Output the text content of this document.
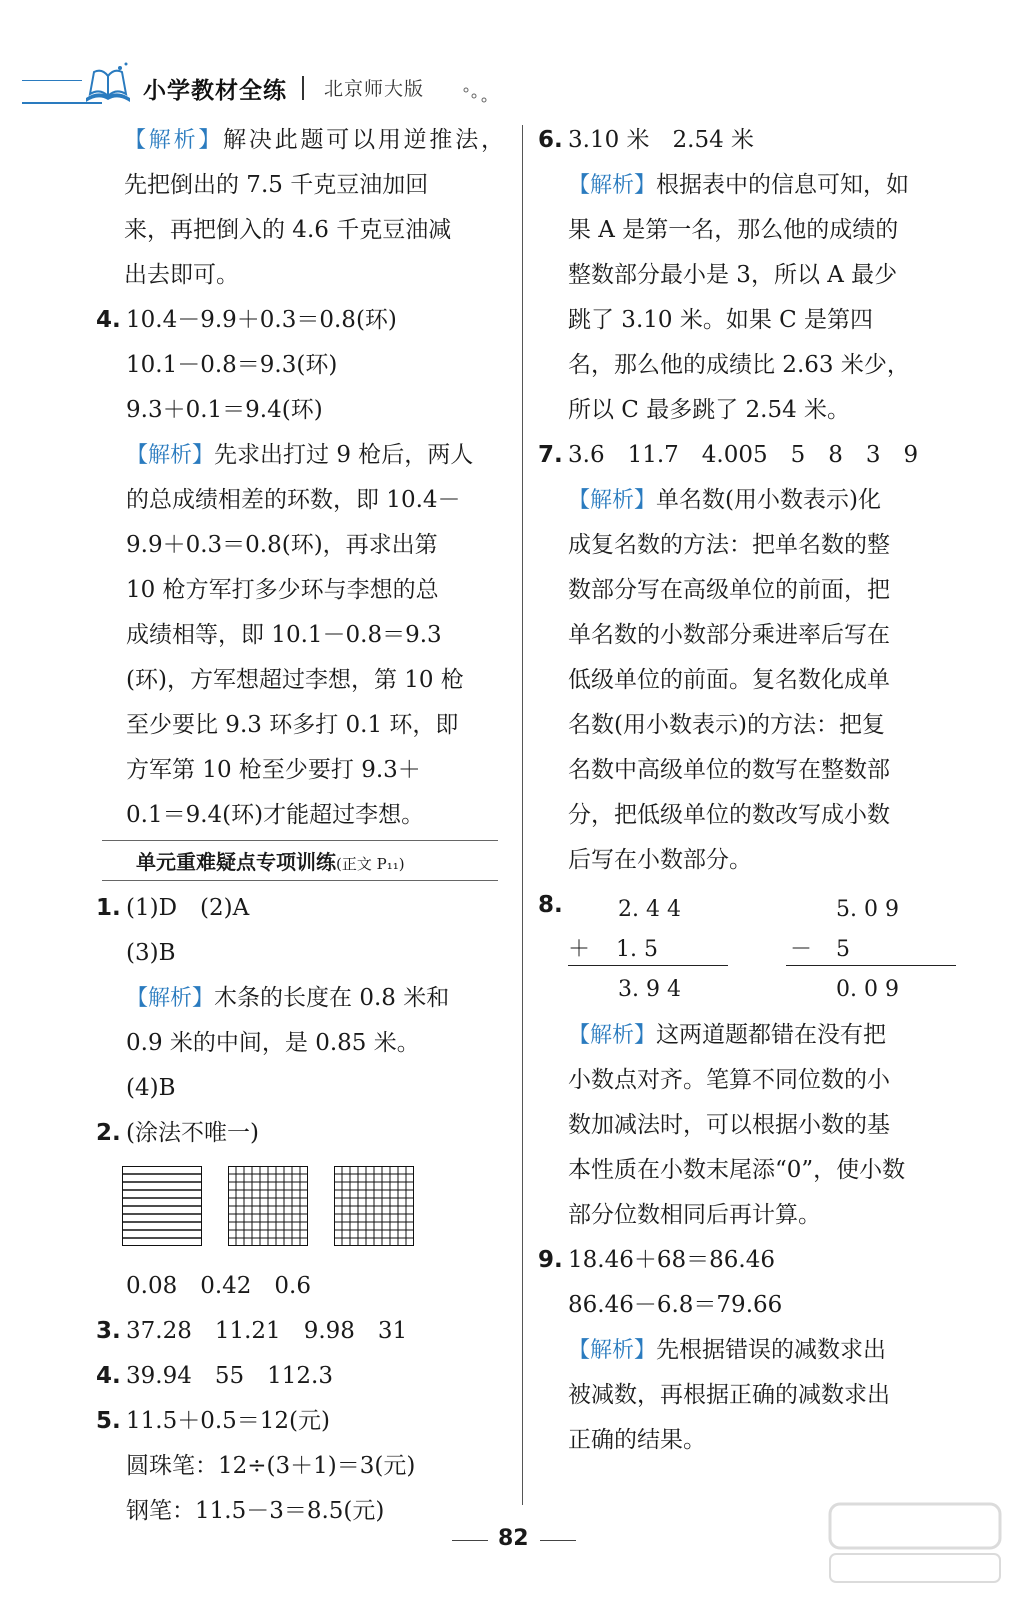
小学教材全练 北京师大版
【解析】解决此题可以用逆推法，
先把倒出的 7.5 千克豆油加回
来，再把倒入的 4.6 千克豆油减
出去即可。
4. 10.4－9.9＋0.3＝0.8(环)
10.1－0.8＝9.3(环)
9.3＋0.1＝9.4(环)
【解析】先求出打过 9 枪后，两人
的总成绩相差的环数，即 10.4－
9.9＋0.3＝0.8(环)，再求出第
10 枪方军打多少环与李想的总
成绩相等，即 10.1－0.8＝9.3
(环)，方军想超过李想，第 10 枪
至少要比 9.3 环多打 0.1 环，即
方军第 10 枪至少要打 9.3＋
0.1＝9.4(环)才能超过李想。
单元重难疑点专项训练(正文 P₁₁)
1. (1)D　(2)A
(3)B
【解析】木条的长度在 0.8 米和
0.9 米的中间，是 0.85 米。
(4)B
2. (涂法不唯一)
0.08　0.42　0.6
3. 37.28　11.21　9.98　31
4. 39.94　55　112.3
5. 11.5＋0.5＝12(元)
圆珠笔：12÷(3＋1)＝3(元)
钢笔：11.5－3＝8.5(元)
6. 3.10 米　2.54 米
【解析】根据表中的信息可知，如
果 A 是第一名，那么他的成绩的
整数部分最小是 3，所以 A 最少
跳了 3.10 米。如果 C 是第四
名，那么他的成绩比 2.63 米少，
所以 C 最多跳了 2.54 米。
7. 3.6　11.7　4.005　5　8　3　9
【解析】单名数(用小数表示)化
成复名数的方法：把单名数的整
数部分写在高级单位的前面，把
单名数的小数部分乘进率后写在
低级单位的前面。复名数化成单
名数(用小数表示)的方法：把复
名数中高级单位的数写在整数部
分，把低级单位的数改写成小数
后写在小数部分。
8.	2. 4 4
＋ 1. 5
3. 9 4
5. 0 9
－ 5
0. 0 9
【解析】这两道题都错在没有把
小数点对齐。笔算不同位数的小
数加减法时，可以根据小数的基
本性质在小数末尾添“0”，使小数
部分位数相同后再计算。
9. 18.46＋68＝86.46
86.46－6.8＝79.66
【解析】先根据错误的减数求出
被减数，再根据正确的减数求出
正确的结果。
82
